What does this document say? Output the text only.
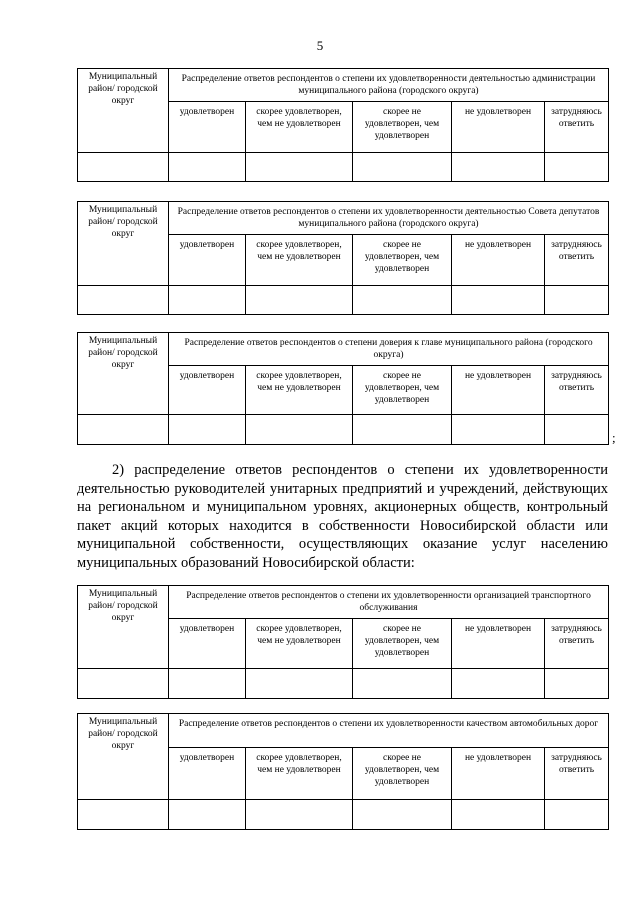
5
Муниципальный район/ городской округ	Распределение ответов респондентов о степени их удовлетворенности деятельностью администрации муниципального района (городского округа)				
	удовлетворен	скорее удовлетворен, чем не удовлетворен	скорее не удовлетворен, чем удовлетворен	не удовлетворен	затрудняюсь ответить

Муниципальный район/ городской округ	Распределение ответов респондентов о степени их удовлетворенности деятельностью Совета депутатов муниципального района (городского округа)				
	удовлетворен	скорее удовлетворен, чем не удовлетворен	скорее не удовлетворен, чем удовлетворен	не удовлетворен	затрудняюсь ответить

Муниципальный район/ городской округ	Распределение ответов респондентов о степени доверия к главе муниципального района (городского округа)				
	удовлетворен	скорее удовлетворен, чем не удовлетворен	скорее не удовлетворен, чем удовлетворен	не удовлетворен	затрудняюсь ответить

;

2) распределение ответов респондентов о степени их удовлетворенности деятельностью руководителей унитарных предприятий и учреждений, действующих на региональном и муниципальном уровнях, акционерных обществ, контрольный пакет акций которых находится в собственности Новосибирской области или муниципальной собственности, осуществляющих оказание услуг населению муниципальных образований Новосибирской области:

Муниципальный район/ городской округ	Распределение ответов респондентов о степени их удовлетворенности организацией транспортного обслуживания				
	удовлетворен	скорее удовлетворен, чем не удовлетворен	скорее не удовлетворен, чем удовлетворен	не удовлетворен	затрудняюсь ответить

Муниципальный район/ городской округ	Распределение ответов респондентов о степени их удовлетворенности качеством автомобильных дорог				
	удовлетворен	скорее удовлетворен, чем не удовлетворен	скорее не удовлетворен, чем удовлетворен	не удовлетворен	затрудняюсь ответить
